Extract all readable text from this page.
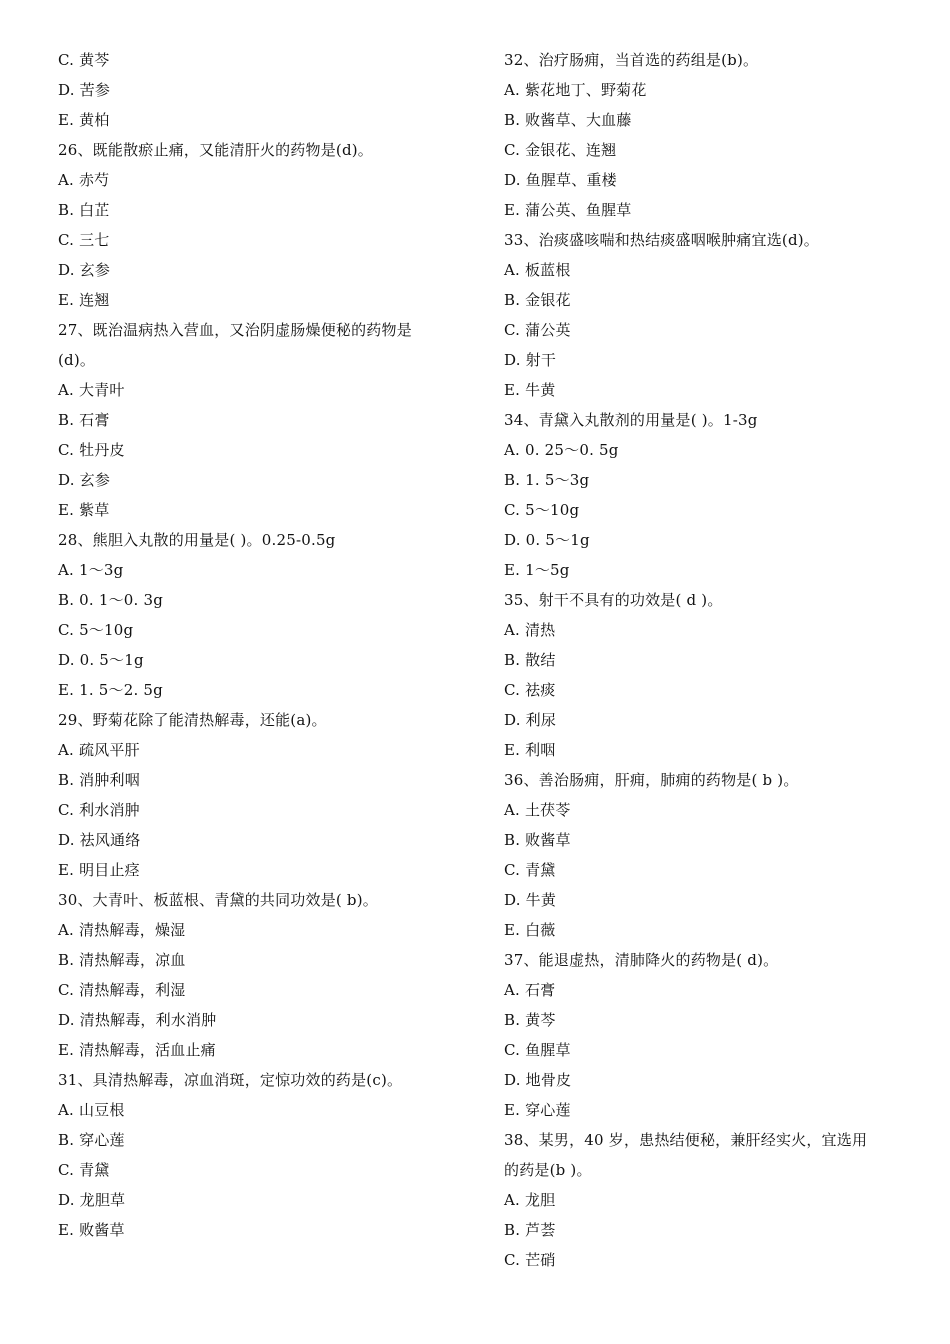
C. 黄芩
D. 苦参
E. 黄柏
26、既能散瘀止痛，又能清肝火的药物是(d)。
A. 赤芍
B. 白芷
C. 三七
D. 玄参
E. 连翘
27、既治温病热入营血，又治阴虚肠燥便秘的药物是
(d)。
A. 大青叶
B. 石膏
C. 牡丹皮
D. 玄参
E. 紫草
28、熊胆入丸散的用量是( )。0.25-0.5g
A. 1～3g
B. 0. 1～0. 3g
C. 5～10g
D. 0. 5～1g
E. 1. 5～2. 5g
29、野菊花除了能清热解毒，还能(a)。
A. 疏风平肝
B. 消肿利咽
C. 利水消肿
D. 祛风通络
E. 明目止痉
30、大青叶、板蓝根、青黛的共同功效是( b)。
A. 清热解毒，燥湿
B. 清热解毒，凉血
C. 清热解毒，利湿
D. 清热解毒，利水消肿
E. 清热解毒，活血止痛
31、具清热解毒，凉血消斑，定惊功效的药是(c)。
A. 山豆根
B. 穿心莲
C. 青黛
D. 龙胆草
E. 败酱草
32、治疗肠痈，当首选的药组是(b)。
A. 紫花地丁、野菊花
B. 败酱草、大血藤
C. 金银花、连翘
D. 鱼腥草、重楼
E. 蒲公英、鱼腥草
33、治痰盛咳喘和热结痰盛咽喉肿痛宜选(d)。
A. 板蓝根
B. 金银花
C. 蒲公英
D. 射干
E. 牛黄
34、青黛入丸散剂的用量是( )。1-3g
A. 0. 25～0. 5g
B. 1. 5～3g
C. 5～10g
D. 0. 5～1g
E. 1～5g
35、射干不具有的功效是( d )。
A. 清热
B. 散结
C. 祛痰
D. 利尿
E. 利咽
36、善治肠痈，肝痈，肺痈的药物是( b )。
A. 土茯苓
B. 败酱草
C. 青黛
D. 牛黄
E. 白薇
37、能退虚热，清肺降火的药物是( d)。
A. 石膏
B. 黄芩
C. 鱼腥草
D. 地骨皮
E. 穿心莲
38、某男，40 岁，患热结便秘，兼肝经实火，宜选用
的药是(b )。
A. 龙胆
B. 芦荟
C. 芒硝
